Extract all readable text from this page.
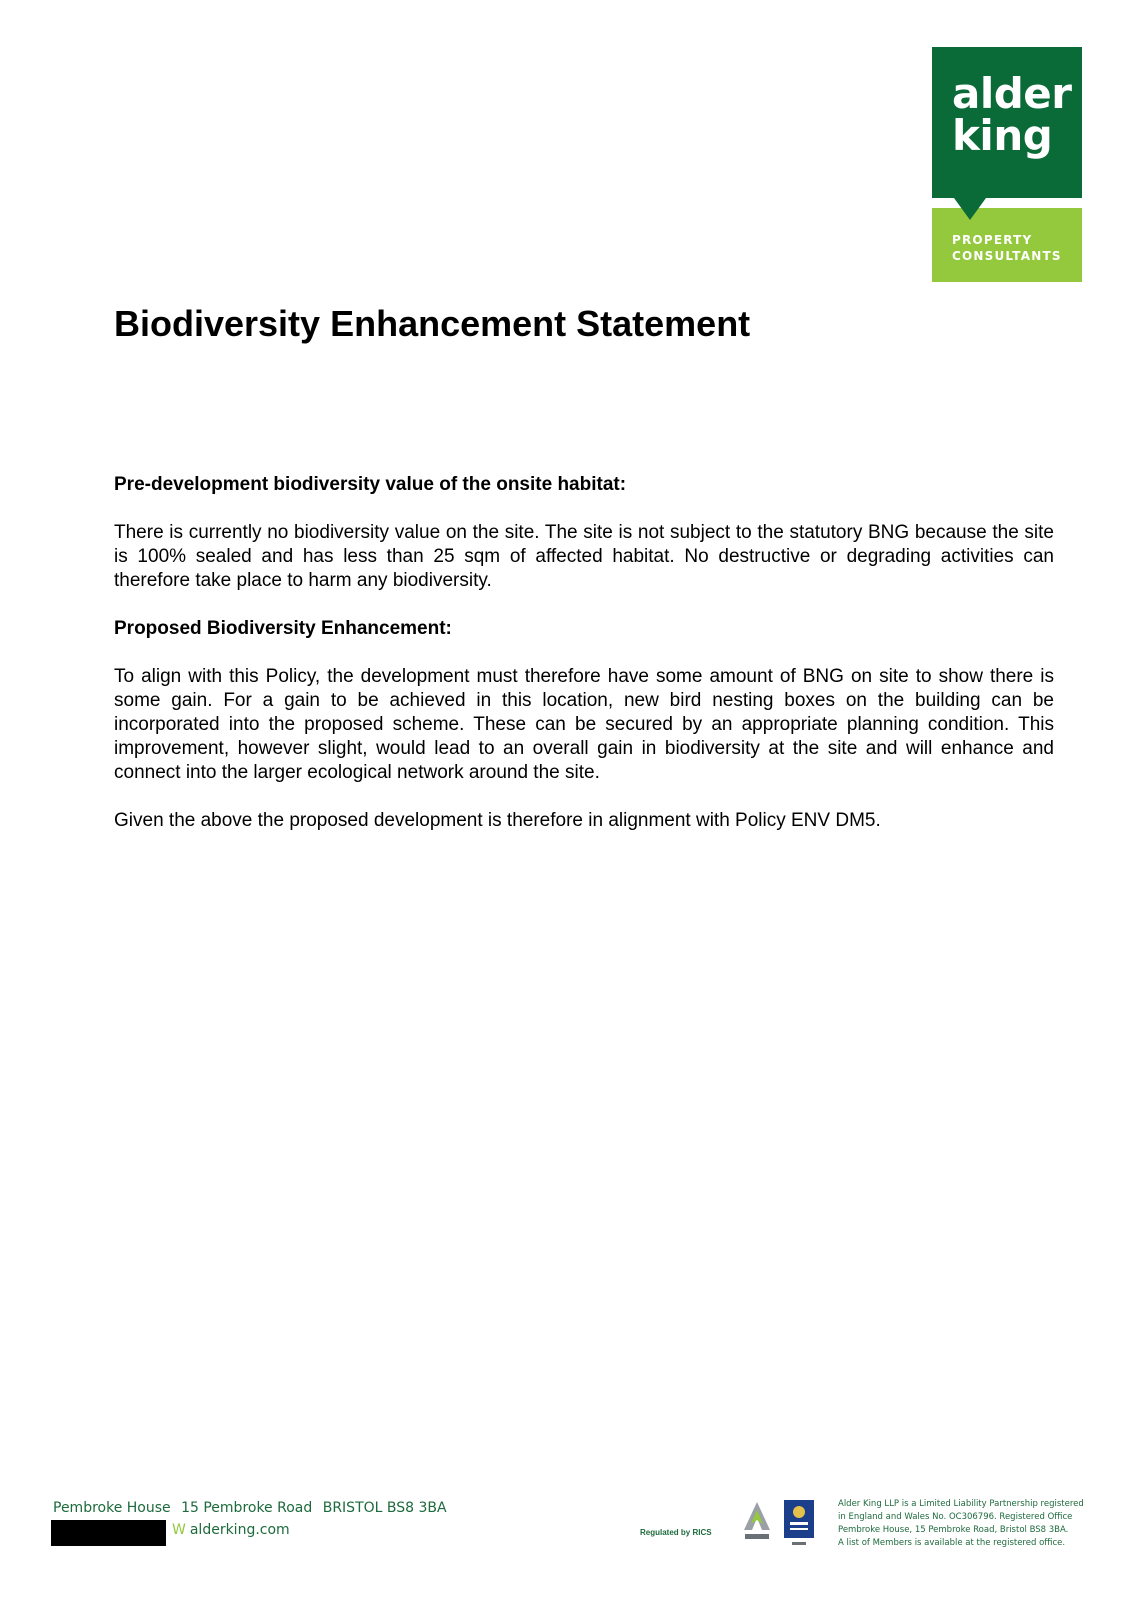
alder
king
PROPERTY
CONSULTANTS
Biodiversity Enhancement Statement

Pre-development biodiversity value of the onsite habitat:

There is currently no biodiversity value on the site. The site is not subject to the statutory BNG because the site is 100% sealed and has less than 25 sqm of affected habitat. No destructive or degrading activities can therefore take place to harm any biodiversity.

Proposed Biodiversity Enhancement:

To align with this Policy, the development must therefore have some amount of BNG on site to show there is some gain. For a gain to be achieved in this location, new bird nesting boxes on the building can be incorporated into the proposed scheme. These can be secured by an appropriate planning condition. This improvement, however slight, would lead to an overall gain in biodiversity at the site and will enhance and connect into the larger ecological network around the site.

Given the above the proposed development is therefore in alignment with Policy ENV DM5.

Pembroke House 15 Pembroke Road BRISTOL BS8 3BA
W alderking.com	Regulated by RICS
Alder King LLP is a Limited Liability Partnership registered
in England and Wales No. OC306796. Registered Office
Pembroke House, 15 Pembroke Road, Bristol BS8 3BA.
A list of Members is available at the registered office.
